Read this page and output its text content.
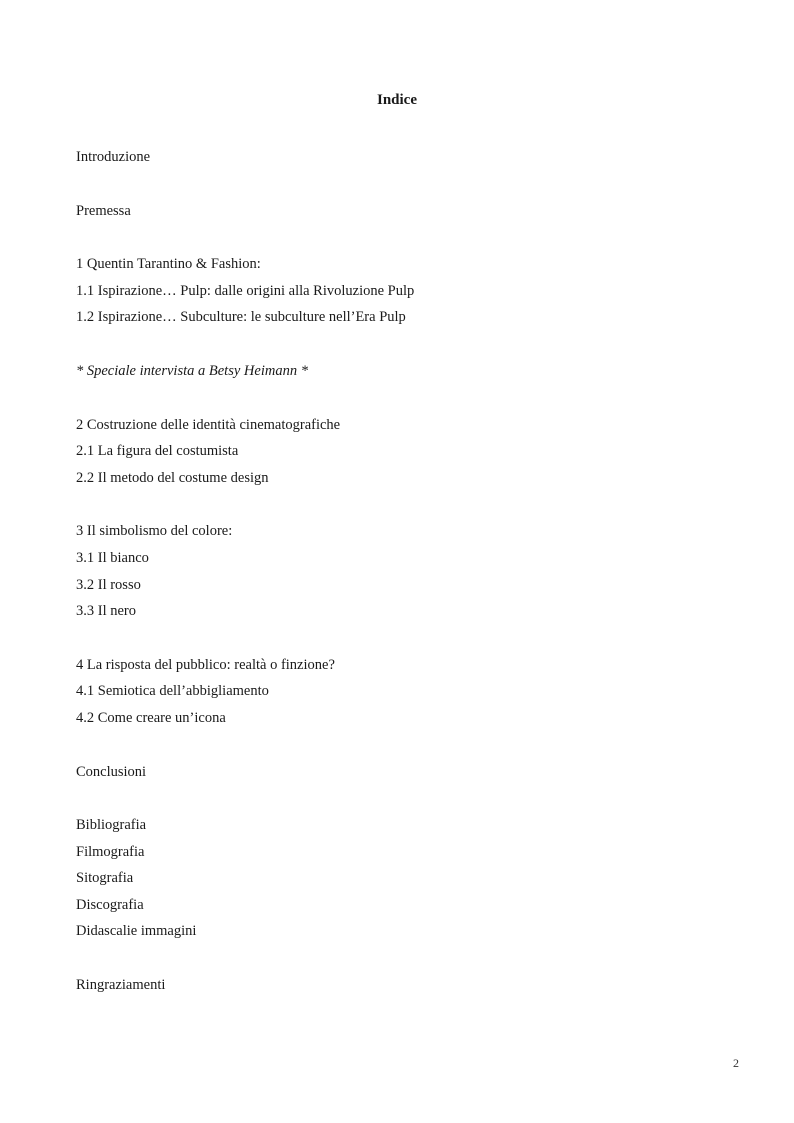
Indice
Introduzione
Premessa
1 Quentin Tarantino & Fashion:
1.1 Ispirazione… Pulp: dalle origini alla Rivoluzione Pulp
1.2 Ispirazione… Subculture: le subculture nell’Era Pulp
* Speciale intervista a Betsy Heimann *
2 Costruzione delle identità cinematografiche
2.1 La figura del costumista
2.2 Il metodo del costume design
3 Il simbolismo del colore:
3.1 Il bianco
3.2 Il rosso
3.3 Il nero
4 La risposta del pubblico: realtà o finzione?
4.1 Semiotica dell’abbigliamento
4.2 Come creare un’icona
Conclusioni
Bibliografia
Filmografia
Sitografia
Discografia
Didascalie immagini
Ringraziamenti
2
